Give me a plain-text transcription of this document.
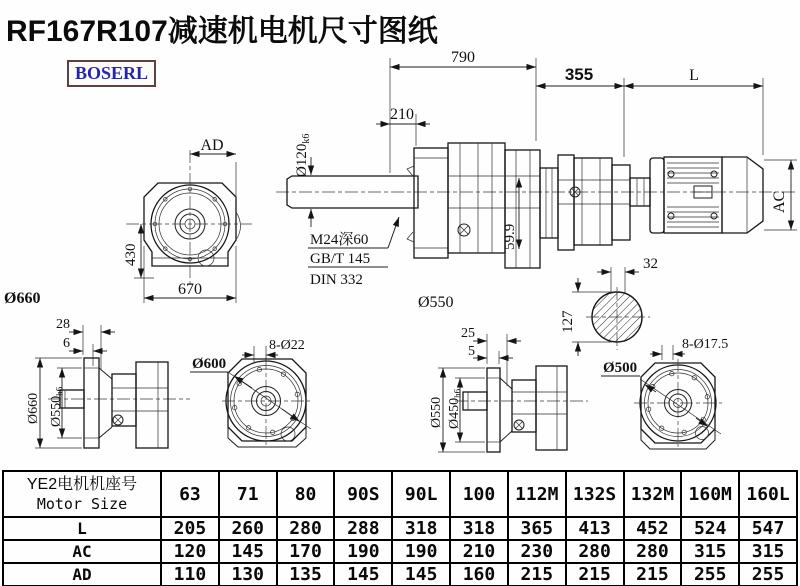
RF167R107减速机电机尺寸图纸
BOSERL
AD
430
670
59.9
AC
790
210
355	L
Ø120k6
M24深60
GB/T 145
DIN 332
Ø550
32
127
Ø660
28
6
Ø660 Ø550h6
Ø600
8-Ø22
25
5
Ø550 Ø450h6
Ø500
8-Ø17.5
YE2电机机座号
Motor Size	63	71	80	90S	90L	100	112M	132S	132M	160M	160L
L	205	260	280	288	318	318	365	413	452	524	547
AC	120	145	170	190	190	210	230	280	280	315	315
AD	110	130	135	145	145	160	215	215	215	255	255
